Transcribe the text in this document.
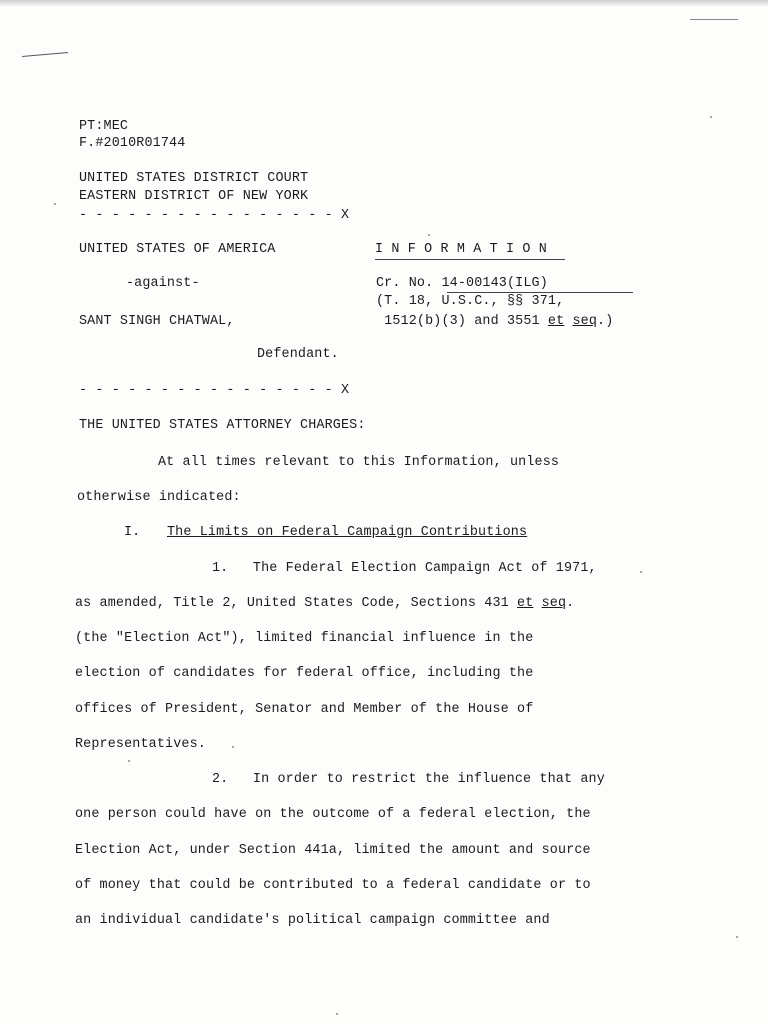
PT:MEC
F.#2010R01744
UNITED STATES DISTRICT COURT
EASTERN DISTRICT OF NEW YORK
- - - - - - - - - - - - - - - - X
UNITED STATES OF AMERICA	I N F O R M A T I O N
-against-	Cr. No. 14-00143(ILG)
(T. 18, U.S.C., §§ 371,
SANT SINGH CHATWAL,	1512(b)(3) and 3551 et seq.)
Defendant.
- - - - - - - - - - - - - - - - X
THE UNITED STATES ATTORNEY CHARGES:
At all times relevant to this Information, unless
otherwise indicated:
I. The Limits on Federal Campaign Contributions
1.   The Federal Election Campaign Act of 1971,
as amended, Title 2, United States Code, Sections 431 et seq.
(the "Election Act"), limited financial influence in the
election of candidates for federal office, including the
offices of President, Senator and Member of the House of
Representatives.
2.   In order to restrict the influence that any
one person could have on the outcome of a federal election, the
Election Act, under Section 441a, limited the amount and source
of money that could be contributed to a federal candidate or to
an individual candidate's political campaign committee and
